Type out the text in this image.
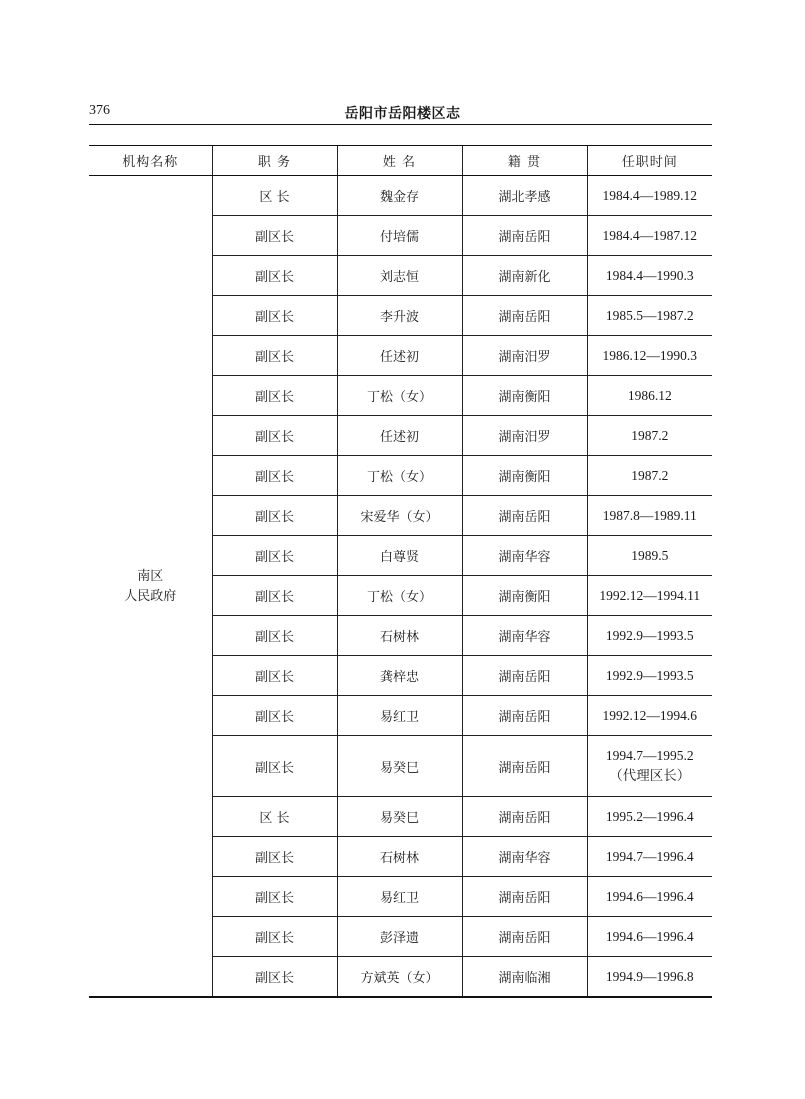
376	岳阳市岳阳楼区志
机构名称	职 务	姓 名	籍 贯	任职时间

南区
人民政府	区 长	魏金存	湖北孝感	1984.4—1989.12

	副区长	付培儒	湖南岳阳	1984.4—1987.12

	副区长	刘志恒	湖南新化	1984.4—1990.3

	副区长	李升波	湖南岳阳	1985.5—1987.2

	副区长	任述初	湖南汨罗	1986.12—1990.3

	副区长	丁松（女）	湖南衡阳	1986.12

	副区长	任述初	湖南汨罗	1987.2

	副区长	丁松（女）	湖南衡阳	1987.2

	副区长	宋爱华（女）	湖南岳阳	1987.8—1989.11

	副区长	白尊贤	湖南华容	1989.5

	副区长	丁松（女）	湖南衡阳	1992.12—1994.11

	副区长	石树林	湖南华容	1992.9—1993.5

	副区长	龚梓忠	湖南岳阳	1992.9—1993.5

	副区长	易红卫	湖南岳阳	1992.12—1994.6

	副区长	易癸巳	湖南岳阳	1994.7—1995.2
（代理区长）

	区 长	易癸巳	湖南岳阳	1995.2—1996.4

	副区长	石树林	湖南华容	1994.7—1996.4

	副区长	易红卫	湖南岳阳	1994.6—1996.4

	副区长	彭泽遗	湖南岳阳	1994.6—1996.4

	副区长	方斌英（女）	湖南临湘	1994.9—1996.8
